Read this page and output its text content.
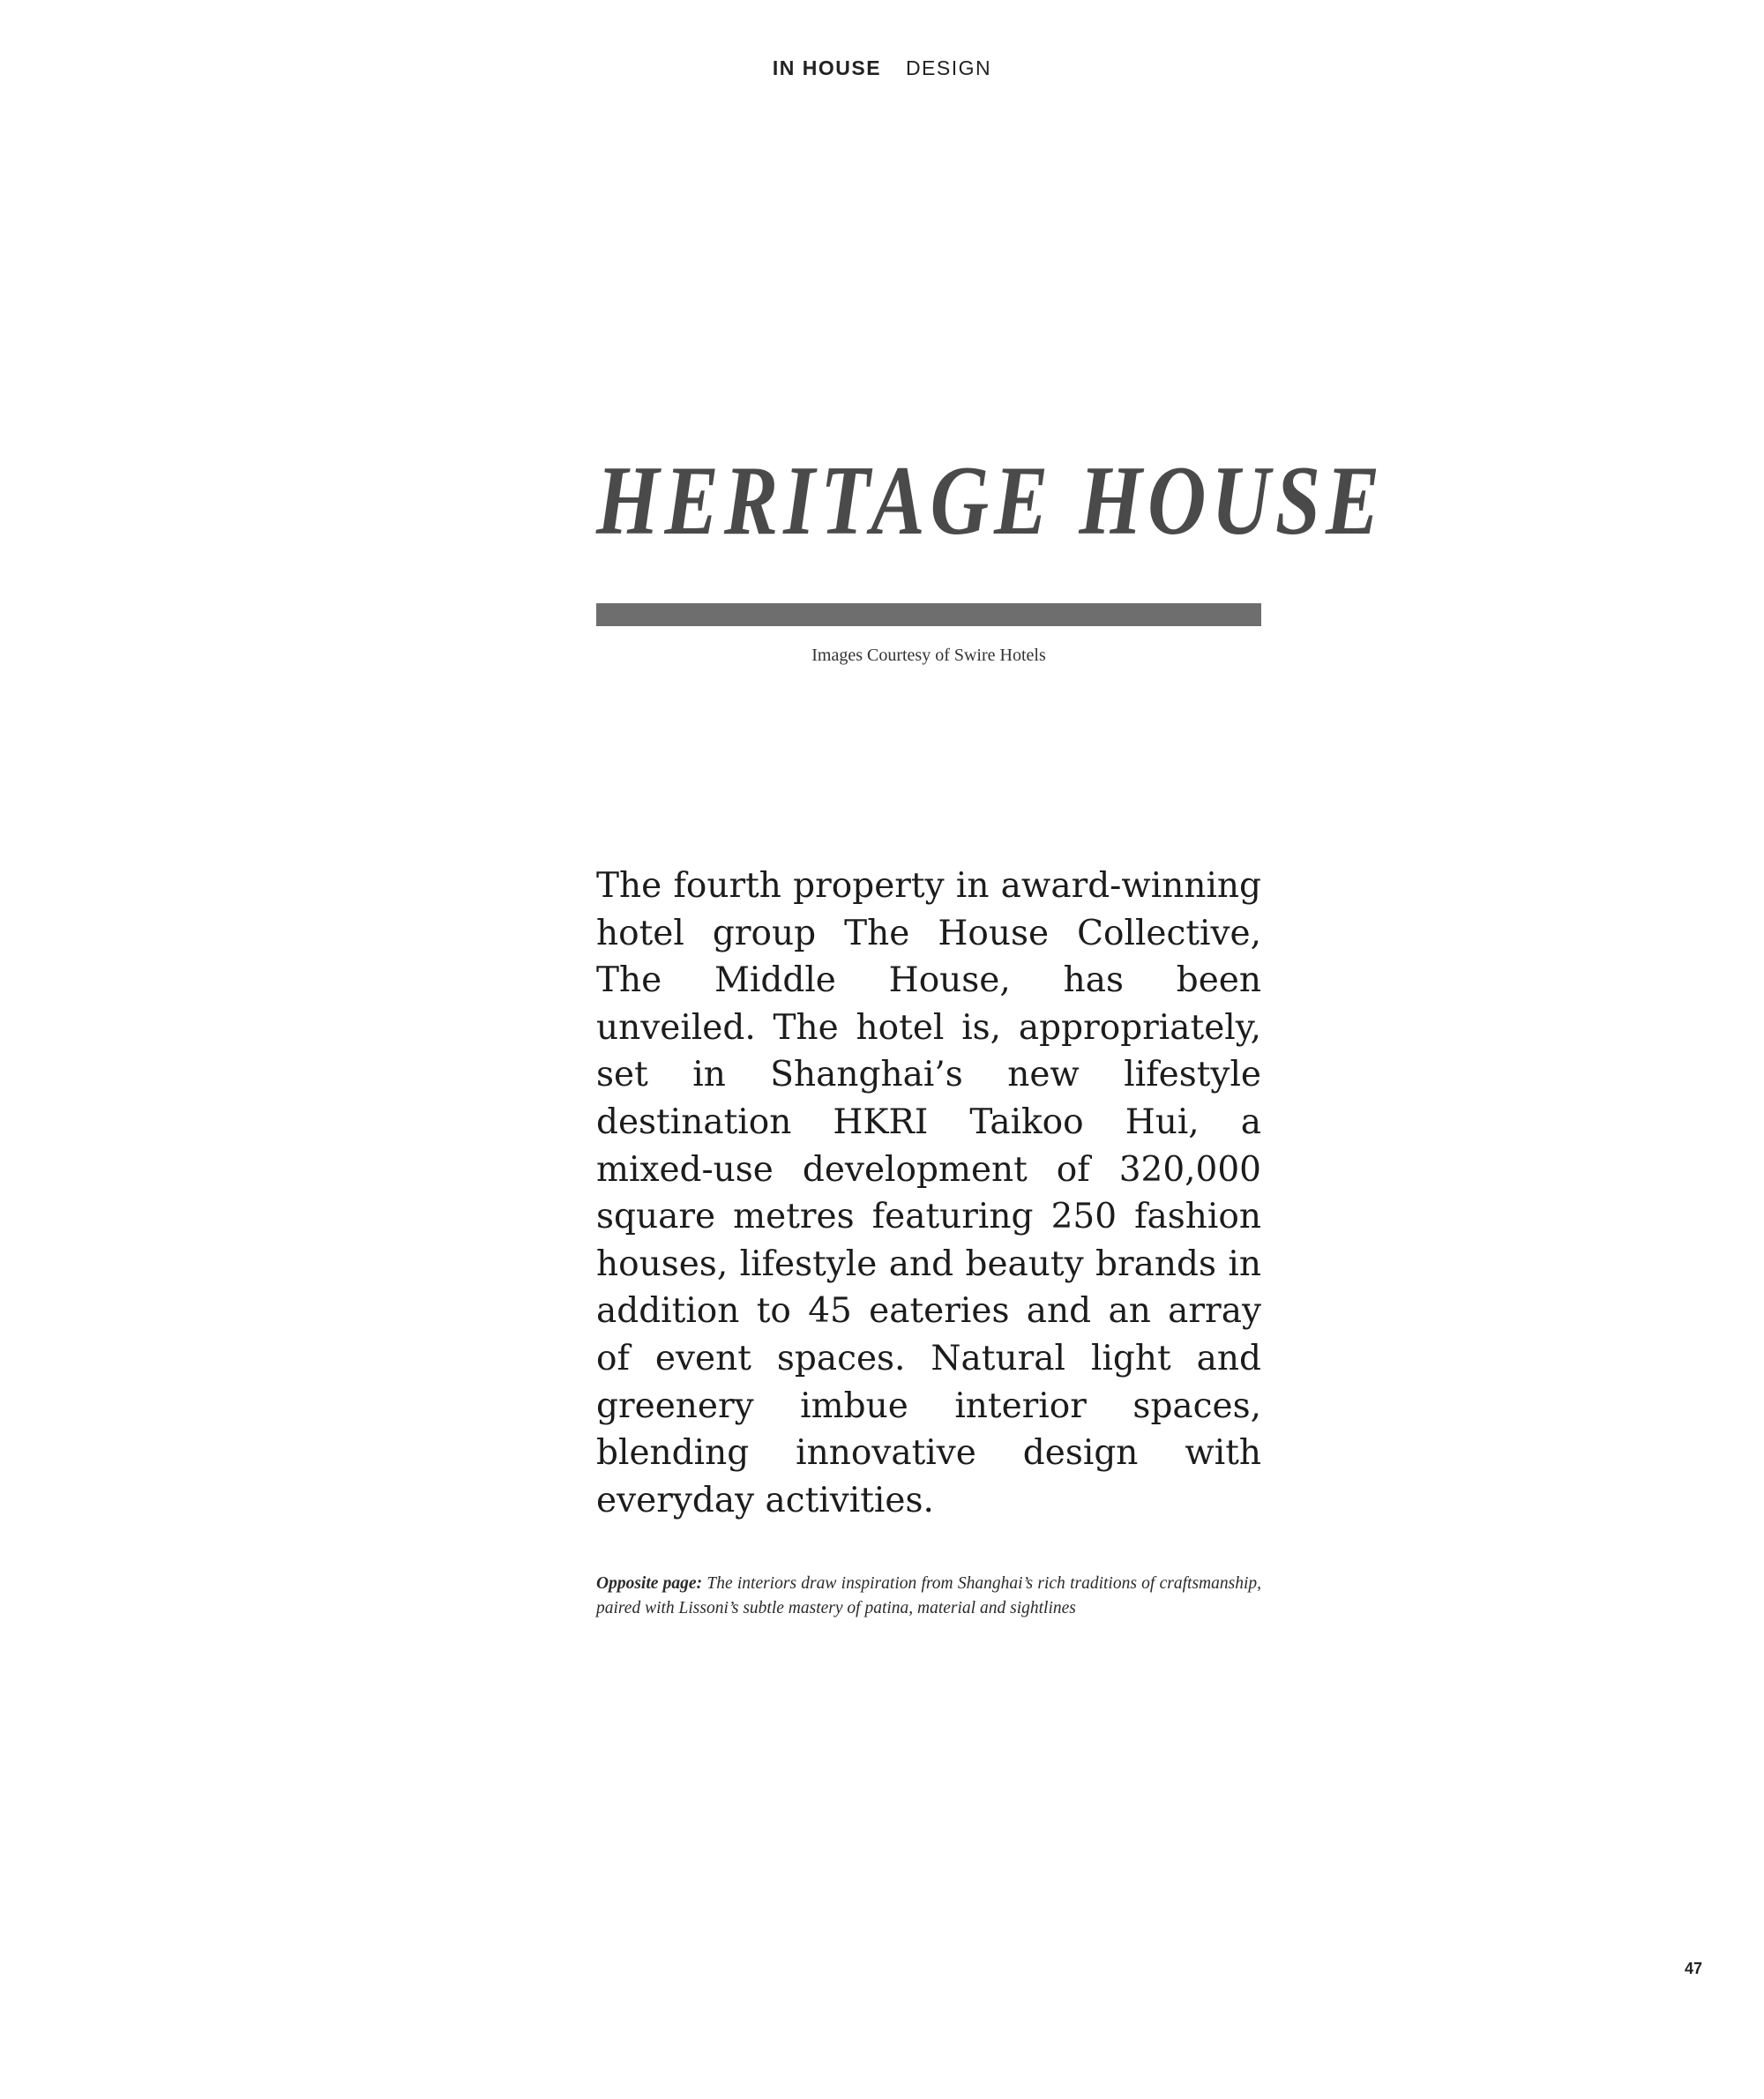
IN HOUSE DESIGN
HERITAGE HOUSE
Images Courtesy of Swire Hotels

The fourth property in award-winning hotel group The House Collective, The Middle House, has been unveiled. The hotel is, appropriately, set in Shanghai’s new lifestyle destination HKRI Taikoo Hui, a mixed-use development of 320,000 square metres featuring 250 fashion houses, lifestyle and beauty brands in addition to 45 eateries and an array of event spaces. Natural light and greenery imbue interior spaces, blending innovative design with everyday activities.

Opposite page: The interiors draw inspiration from Shanghai’s rich traditions of craftsmanship, paired with Lissoni’s subtle mastery of patina, material and sightlines

47
